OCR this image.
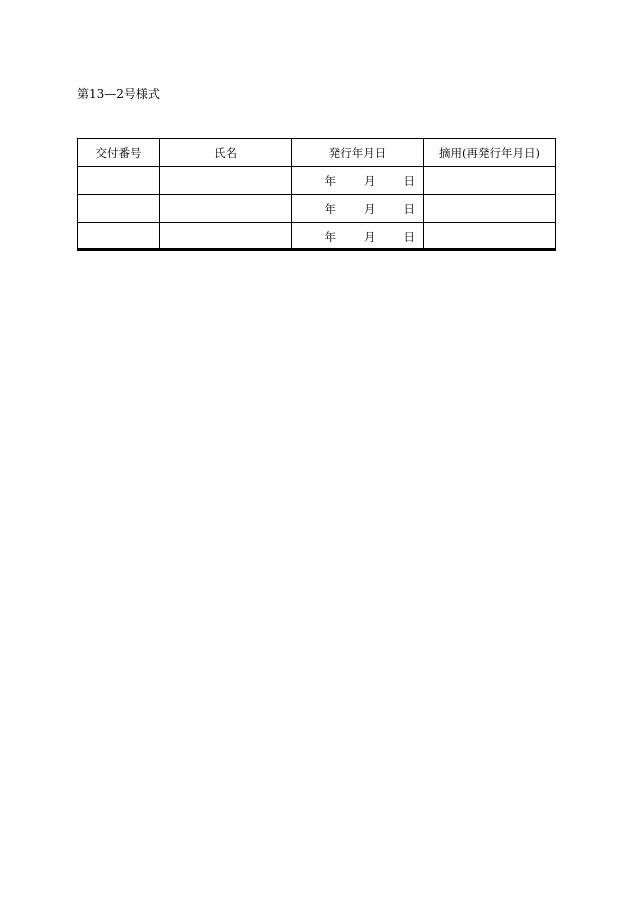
第13—2号様式
交付番号	氏名	発行年月日	摘用(再発行年月日)
		年 月 日	
		年 月 日	
		年 月 日	
